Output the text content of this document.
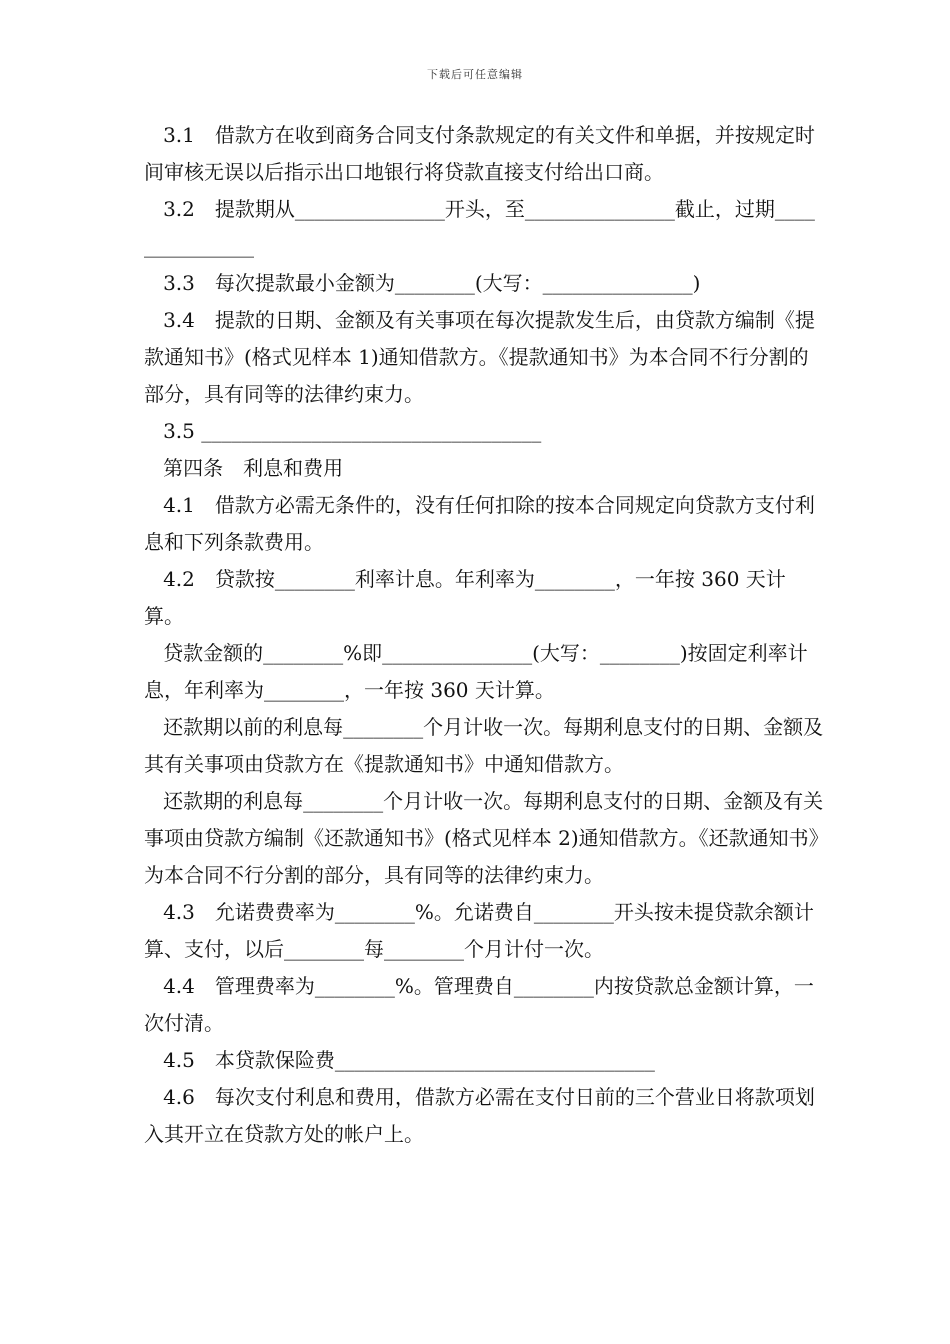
下载后可任意编辑

3.1　借款方在收到商务合同支付条款规定的有关文件和单据，并按规定时间审核无误以后指示出口地银行将贷款直接支付给出口商。

3.2　提款期从_______________开头，至_______________截止，过期_______________

3.3　每次提款最小金额为________(大写：_______________)

3.4　提款的日期、金额及有关事项在每次提款发生后，由贷款方编制《提款通知书》(格式见样本 1)通知借款方。《提款通知书》为本合同不行分割的部分，具有同等的法律约束力。

3.5 __________________________________

第四条　利息和费用

4.1　借款方必需无条件的，没有任何扣除的按本合同规定向贷款方支付利息和下列条款费用。

4.2　贷款按________利率计息。年利率为________，一年按 360 天计算。

贷款金额的________%即_______________(大写：________)按固定利率计息，年利率为________，一年按 360 天计算。

还款期以前的利息每________个月计收一次。每期利息支付的日期、金额及其有关事项由贷款方在《提款通知书》中通知借款方。

还款期的利息每________个月计收一次。每期利息支付的日期、金额及有关事项由贷款方编制《还款通知书》(格式见样本 2)通知借款方。《还款通知书》为本合同不行分割的部分，具有同等的法律约束力。

4.3　允诺费费率为________%。允诺费自________开头按未提贷款余额计算、支付，以后________每________个月计付一次。

4.4　管理费率为________%。管理费自________内按贷款总金额计算，一次付清。

4.5　本贷款保险费________________________________

4.6　每次支付利息和费用，借款方必需在支付日前的三个营业日将款项划入其开立在贷款方处的帐户上。
